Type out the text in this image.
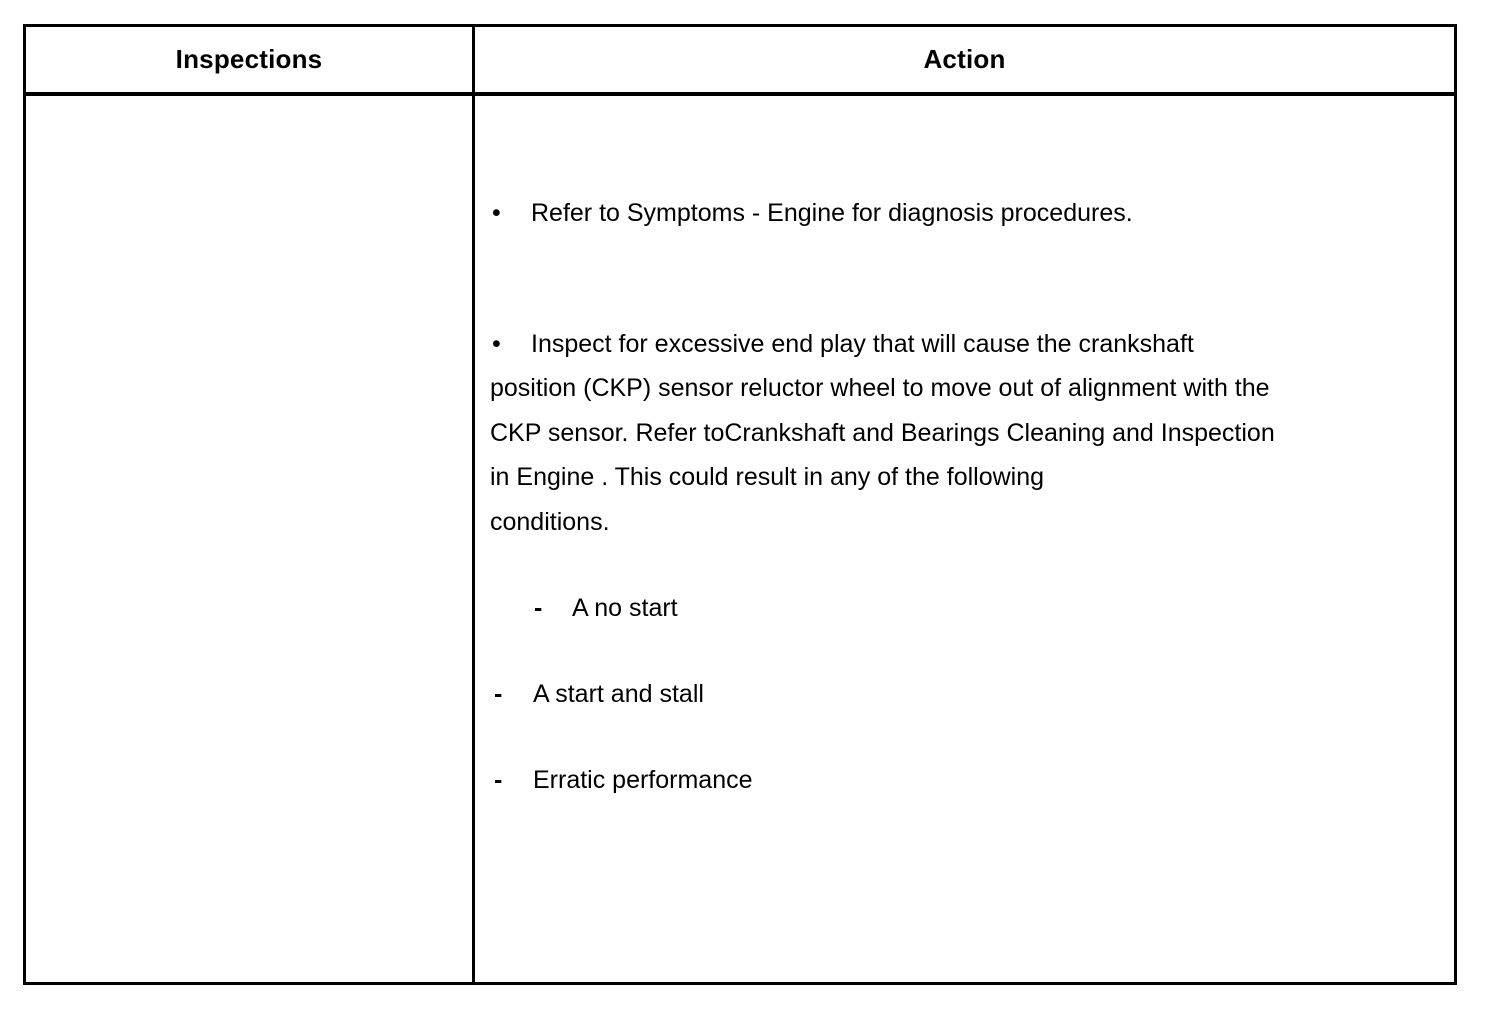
Inspections	Action
• Refer to Symptoms - Engine for diagnosis procedures.
• Inspect for excessive end play that will cause the crankshaft
position (CKP) sensor reluctor wheel to move out of alignment with the
CKP sensor. Refer toCrankshaft and Bearings Cleaning and Inspection
in Engine . This could result in any of the following
conditions.
- A no start
- A start and stall
- Erratic performance
